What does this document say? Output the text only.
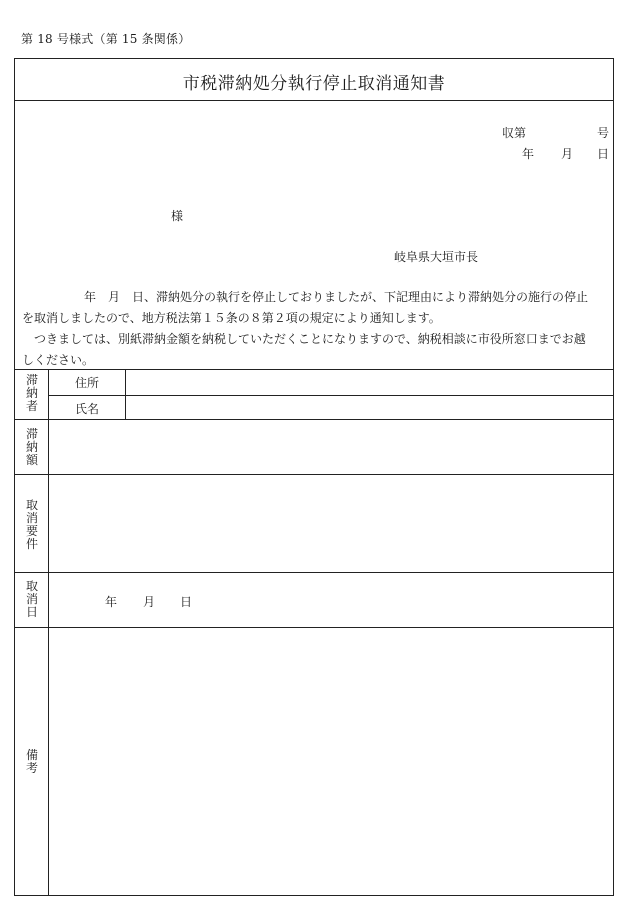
第 18 号様式（第 15 条関係）
市税滞納処分執行停止取消通知書
収第	号
年 月 日
様
岐阜県大垣市長
年　月　日、滞納処分の執行を停止しておりましたが、下記理由により滞納処分の施行の停止
を取消しましたので、地方税法第１５条の８第２項の規定により通知します。
つきましては、別紙滞納金額を納税していただくことになりますので、納税相談に市役所窓口までお越
しください。
滞納者
住所
氏名
滞納額
取消要件
取消日
年 月 日
備考
